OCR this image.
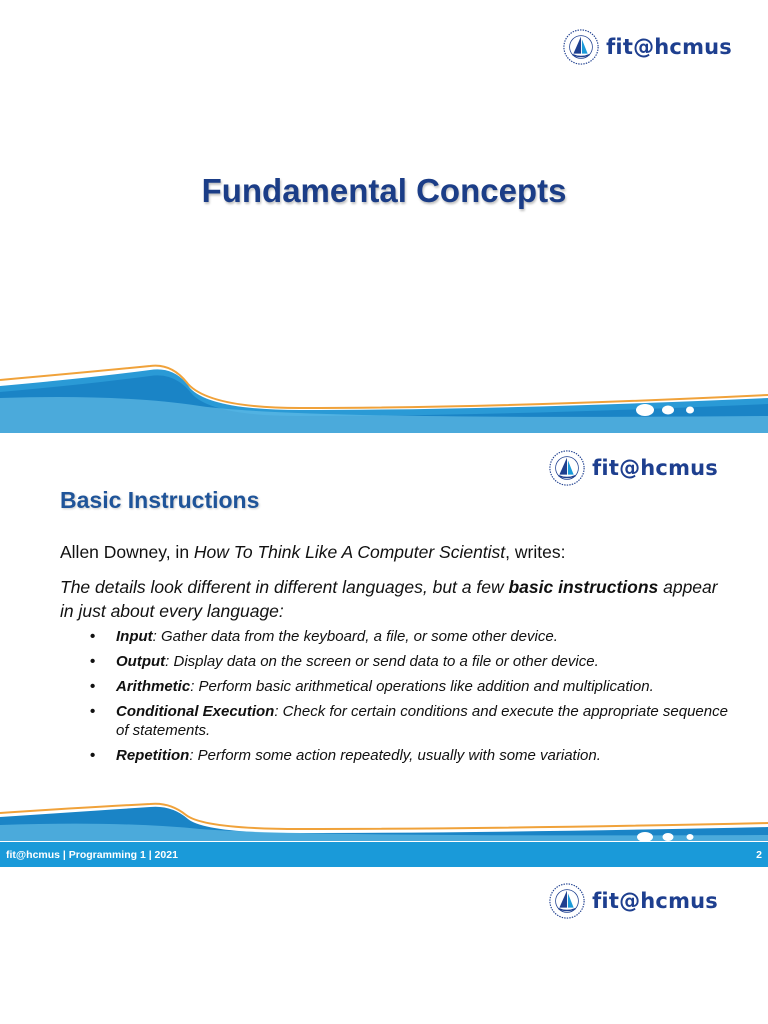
fit@hcmus
Fundamental Concepts
fit@hcmus
Basic Instructions
Allen Downey, in How To Think Like A Computer Scientist, writes:
The details look different in different languages, but a few basic instructions appear in just about every language:
• Input: Gather data from the keyboard, a file, or some other device.
• Output: Display data on the screen or send data to a file or other device.
• Arithmetic: Perform basic arithmetical operations like addition and multiplication.
• Conditional Execution: Check for certain conditions and execute the appropriate sequence of statements.
• Repetition: Perform some action repeatedly, usually with some variation.
fit@hcmus | Programming 1 | 2021	2
fit@hcmus
